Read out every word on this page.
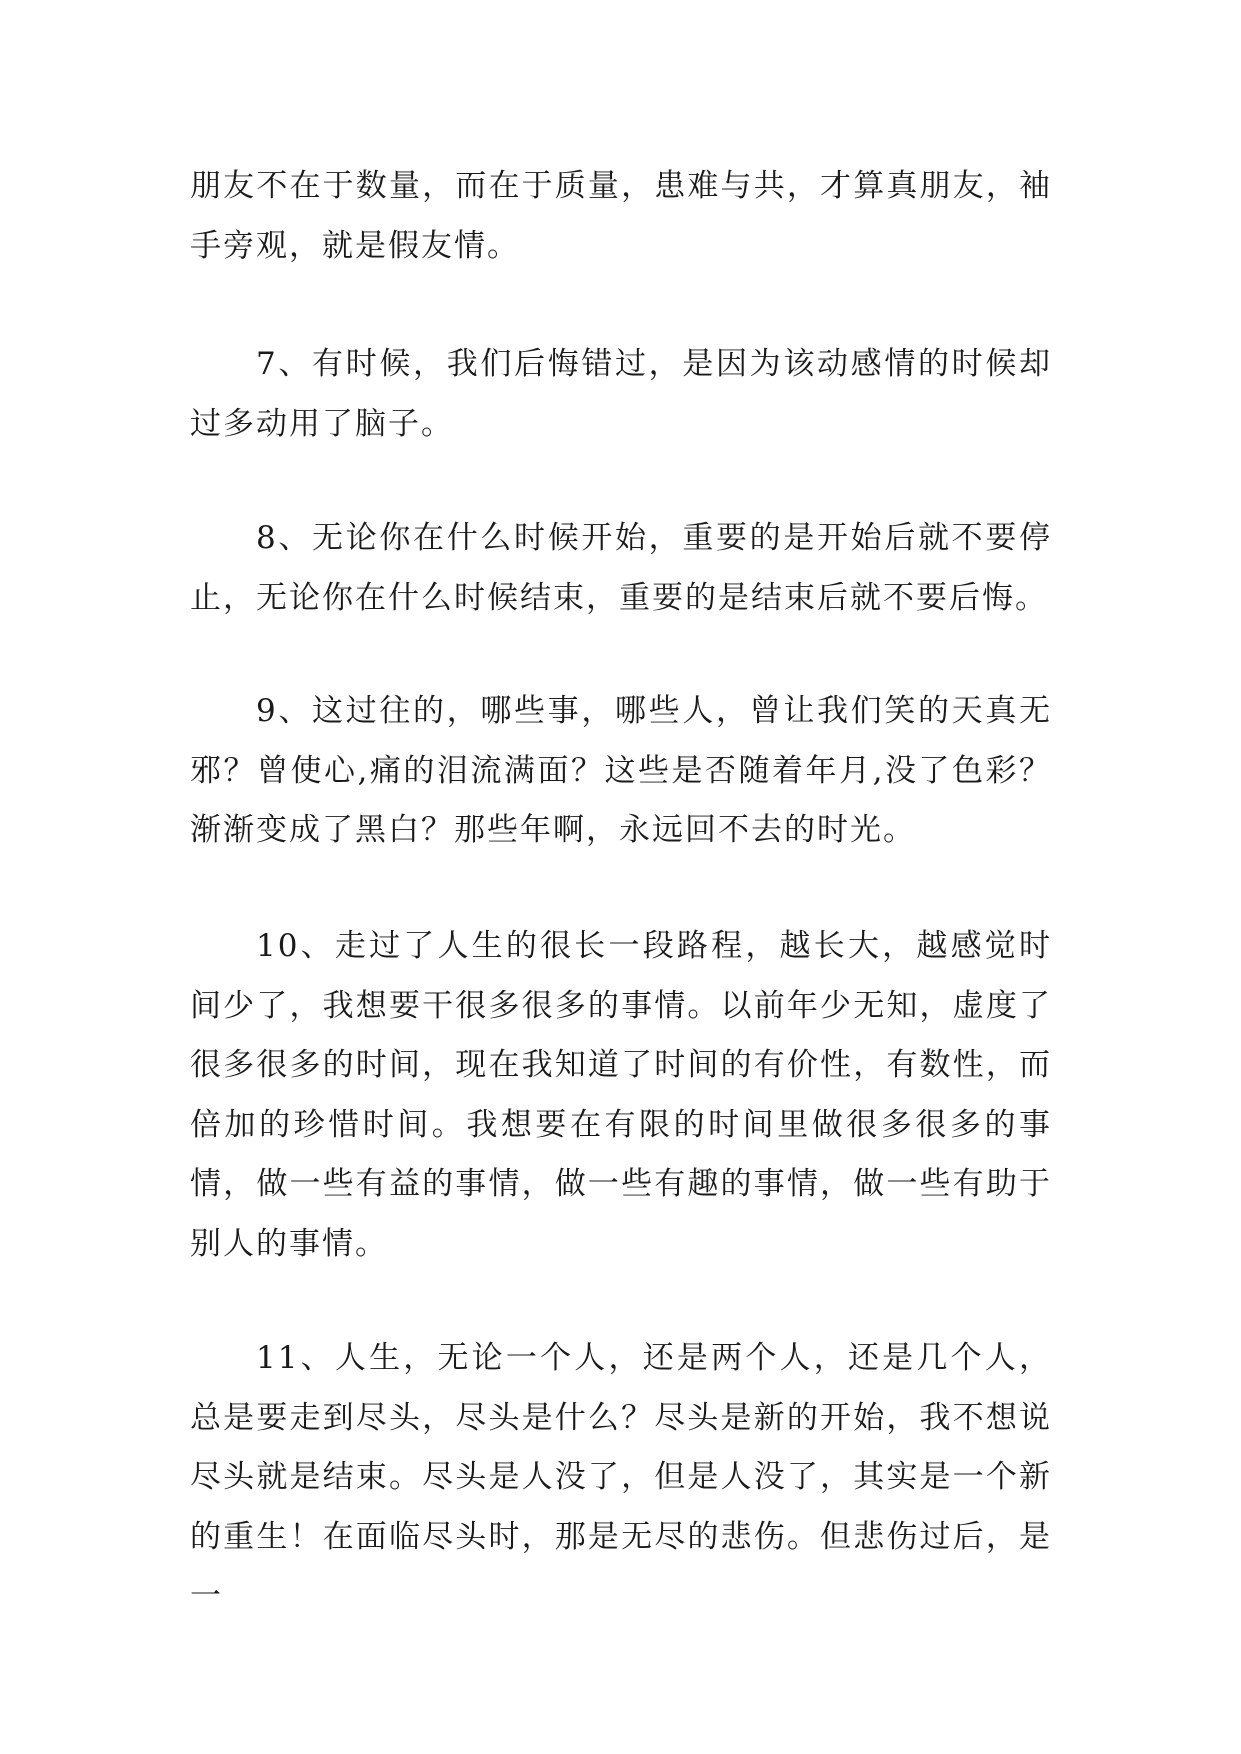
朋友不在于数量，而在于质量，患难与共，才算真朋友，袖手旁观，就是假友情。

7、有时候，我们后悔错过，是因为该动感情的时候却过多动用了脑子。

8、无论你在什么时候开始，重要的是开始后就不要停止，无论你在什么时候结束，重要的是结束后就不要后悔。

9、这过往的，哪些事，哪些人，曾让我们笑的天真无邪？曾使心,痛的泪流满面？这些是否随着年月,没了色彩？渐渐变成了黑白？那些年啊，永远回不去的时光。

10、走过了人生的很长一段路程，越长大，越感觉时间少了，我想要干很多很多的事情。以前年少无知，虚度了很多很多的时间，现在我知道了时间的有价性，有数性，而倍加的珍惜时间。我想要在有限的时间里做很多很多的事情，做一些有益的事情，做一些有趣的事情，做一些有助于别人的事情。

11、人生，无论一个人，还是两个人，还是几个人，总是要走到尽头，尽头是什么？尽头是新的开始，我不想说尽头就是结束。尽头是人没了，但是人没了，其实是一个新的重生！在面临尽头时，那是无尽的悲伤。但悲伤过后，是一
